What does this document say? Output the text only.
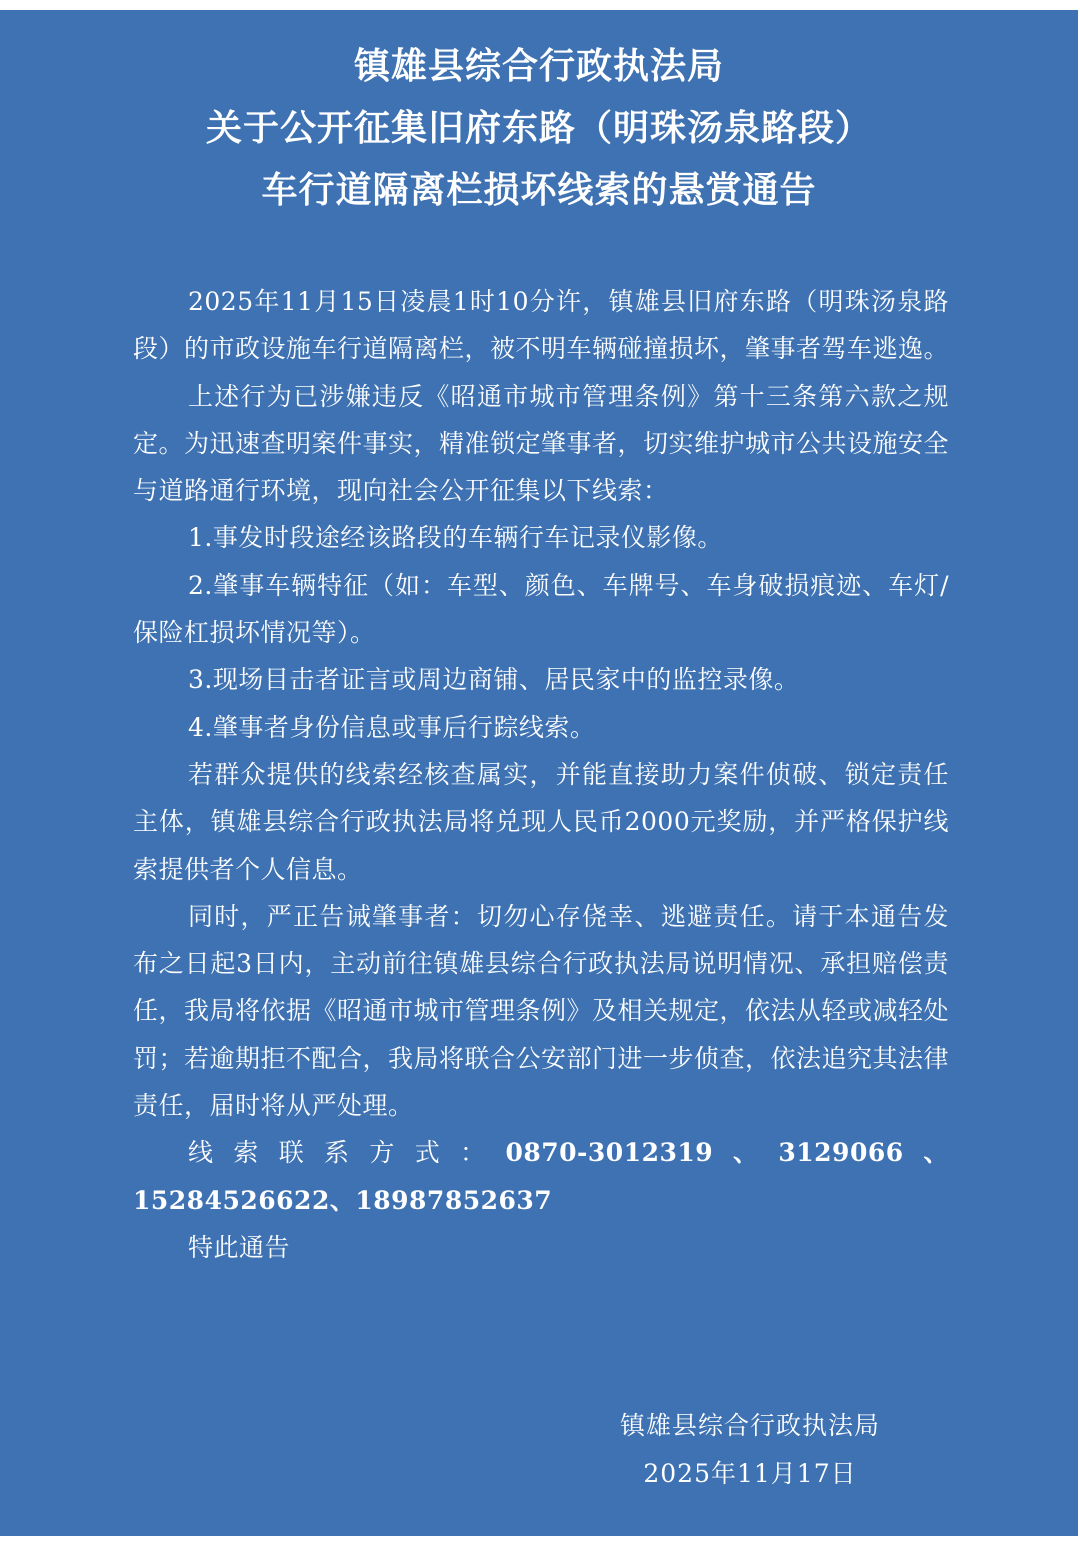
镇雄县综合行政执法局
关于公开征集旧府东路（明珠汤泉路段）
车行道隔离栏损坏线索的悬赏通告

2025年11月15日凌晨1时10分许，镇雄县旧府东路（明珠汤泉路段）的市政设施车行道隔离栏，被不明车辆碰撞损坏，肇事者驾车逃逸。

上述行为已涉嫌违反《昭通市城市管理条例》第十三条第六款之规定。为迅速查明案件事实，精准锁定肇事者，切实维护城市公共设施安全与道路通行环境，现向社会公开征集以下线索：

1.事发时段途经该路段的车辆行车记录仪影像。

2.肇事车辆特征（如：车型、颜色、车牌号、车身破损痕迹、车灯/保险杠损坏情况等）。

3.现场目击者证言或周边商铺、居民家中的监控录像。

4.肇事者身份信息或事后行踪线索。

若群众提供的线索经核查属实，并能直接助力案件侦破、锁定责任主体，镇雄县综合行政执法局将兑现人民币2000元奖励，并严格保护线索提供者个人信息。

同时，严正告诫肇事者：切勿心存侥幸、逃避责任。请于本通告发布之日起3日内，主动前往镇雄县综合行政执法局说明情况、承担赔偿责任，我局将依据《昭通市城市管理条例》及相关规定，依法从轻或减轻处罚；若逾期拒不配合，我局将联合公安部门进一步侦查，依法追究其法律责任，届时将从严处理。

线索联系方式：0870-3012319、3129066、 15284526622、18987852637

特此通告

镇雄县综合行政执法局
2025年11月17日
